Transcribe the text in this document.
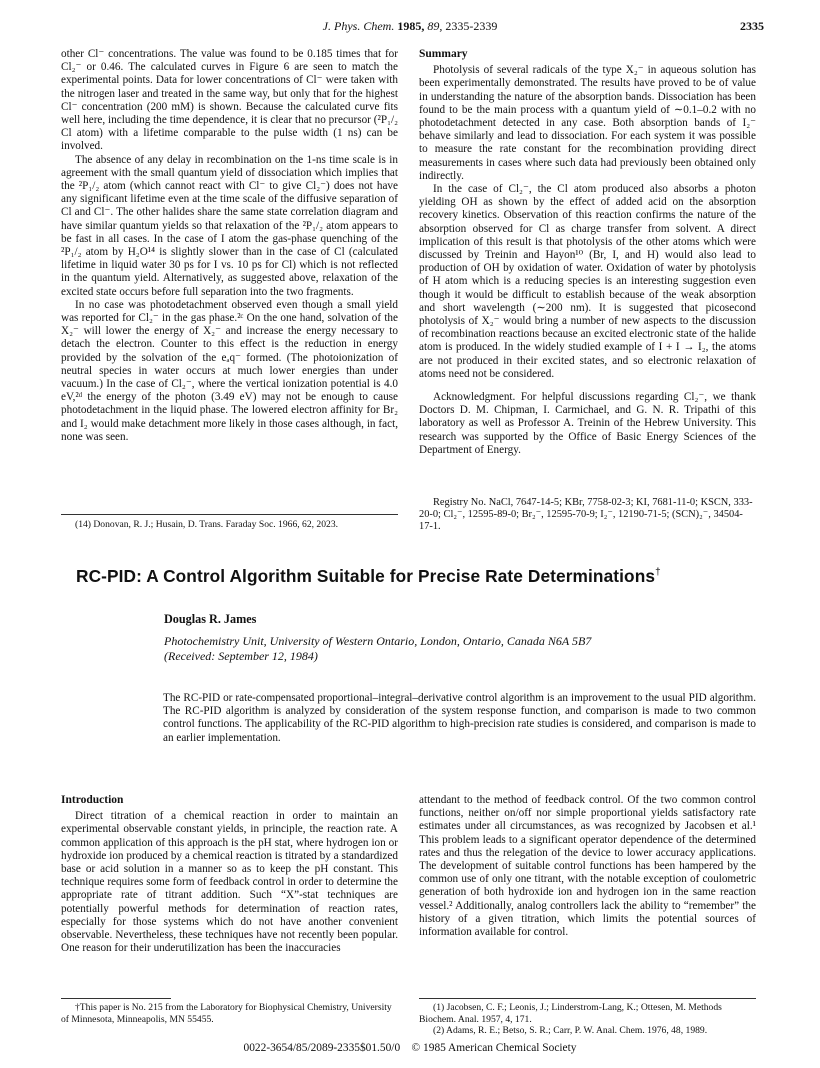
J. Phys. Chem. 1985, 89, 2335-2339	2335

other Cl⁻ concentrations. The value was found to be 0.185 times that for Cl₂⁻ or 0.46. The calculated curves in Figure 6 are seen to match the experimental points. Data for lower concentrations of Cl⁻ were taken with the nitrogen laser and treated in the same way, but only that for the highest Cl⁻ concentration (200 mM) is shown. Because the calculated curve fits well here, including the time dependence, it is clear that no precursor (²P₁/₂ Cl atom) with a lifetime comparable to the pulse width (1 ns) can be involved.

The absence of any delay in recombination on the 1-ns time scale is in agreement with the small quantum yield of dissociation which implies that the ²P₁/₂ atom (which cannot react with Cl⁻ to give Cl₂⁻) does not have any significant lifetime even at the time scale of the diffusive separation of Cl and Cl⁻. The other halides share the same state correlation diagram and have similar quantum yields so that relaxation of the ²P₁/₂ atom appears to be fast in all cases. In the case of I atom the gas-phase quenching of the ²P₁/₂ atom by H₂O¹⁴ is slightly slower than in the case of Cl (calculated lifetime in liquid water 30 ps for I vs. 10 ps for Cl) which is not reflected in the quantum yield. Alternatively, as suggested above, relaxation of the excited state occurs before full separation into the two fragments.

In no case was photodetachment observed even though a small yield was reported for Cl₂⁻ in the gas phase.²ᶜ On the one hand, solvation of the X₂⁻ will lower the energy of X₂⁻ and increase the energy necessary to detach the electron. Counter to this effect is the reduction in energy provided by the solvation of the eₐq⁻ formed. (The photoionization of neutral species in water occurs at much lower energies than under vacuum.) In the case of Cl₂⁻, where the vertical ionization potential is 4.0 eV,²ᵈ the energy of the photon (3.49 eV) may not be enough to cause photodetachment in the liquid phase. The lowered electron affinity for Br₂ and I₂ would make detachment more likely in those cases although, in fact, none was seen.

(14) Donovan, R. J.; Husain, D. Trans. Faraday Soc. 1966, 62, 2023.
Summary

Photolysis of several radicals of the type X₂⁻ in aqueous solution has been experimentally demonstrated. The results have proved to be of value in understanding the nature of the absorption bands. Dissociation has been found to be the main process with a quantum yield of ∼0.1–0.2 with no photodetachment detected in any case. Both absorption bands of I₂⁻ behave similarly and lead to dissociation. For each system it was possible to measure the rate constant for the recombination providing direct measurements in cases where such data had previously been obtained only indirectly.

In the case of Cl₂⁻, the Cl atom produced also absorbs a photon yielding OH as shown by the effect of added acid on the absorption recovery kinetics. Observation of this reaction confirms the nature of the absorption observed for Cl as charge transfer from solvent. A direct implication of this result is that photolysis of the other atoms which were discussed by Treinin and Hayon¹⁰ (Br, I, and H) would also lead to production of OH by oxidation of water. Oxidation of water by photolysis of H atom which is a reducing species is an interesting suggestion even though it would be difficult to establish because of the weak absorption and short wavelength (∼200 nm). It is suggested that picosecond photolysis of X₂⁻ would bring a number of new aspects to the discussion of recombination reactions because an excited electronic state of the halide atom is produced. In the widely studied example of I + I → I₂, the atoms are not produced in their excited states, and so electronic relaxation of atoms need not be considered.

Acknowledgment. For helpful discussions regarding Cl₂⁻, we thank Doctors D. M. Chipman, I. Carmichael, and G. N. R. Tripathi of this laboratory as well as Professor A. Treinin of the Hebrew University. This research was supported by the Office of Basic Energy Sciences of the Department of Energy.

Registry No. NaCl, 7647-14-5; KBr, 7758-02-3; KI, 7681-11-0; KSCN, 333-20-0; Cl₂⁻, 12595-89-0; Br₂⁻, 12595-70-9; I₂⁻, 12190-71-5; (SCN)₂⁻, 34504-17-1.
RC-PID: A Control Algorithm Suitable for Precise Rate Determinations†
Douglas R. James
Photochemistry Unit, University of Western Ontario, London, Ontario, Canada N6A 5B7
(Received: September 12, 1984)
The RC-PID or rate-compensated proportional–integral–derivative control algorithm is an improvement to the usual PID algorithm. The RC-PID algorithm is analyzed by consideration of the system response function, and comparison is made to two common control functions. The applicability of the RC-PID algorithm to high-precision rate studies is considered, and comparison is made to an earlier implementation.
Introduction

Direct titration of a chemical reaction in order to maintain an experimental observable constant yields, in principle, the reaction rate. A common application of this approach is the pH stat, where hydrogen ion or hydroxide ion produced by a chemical reaction is titrated by a standardized base or acid solution in a manner so as to keep the pH constant. This technique requires some form of feedback control in order to determine the appropriate rate of titrant addition. Such “X”-stat techniques are potentially powerful methods for determination of reaction rates, especially for those systems which do not have another convenient observable. Nevertheless, these techniques have not recently been popular. One reason for their underutilization has been the inaccuracies

†This paper is No. 215 from the Laboratory for Biophysical Chemistry, University of Minnesota, Minneapolis, MN 55455.

attendant to the method of feedback control. Of the two common control functions, neither on/off nor simple proportional yields satisfactory rate estimates under all circumstances, as was recognized by Jacobsen et al.¹ This problem leads to a significant operator dependence of the determined rates and thus the relegation of the device to lower accuracy applications. The development of suitable control functions has been hampered by the common use of only one titrant, with the notable exception of coulometric generation of both hydroxide ion and hydrogen ion in the same reaction vessel.² Additionally, analog controllers lack the ability to “remember” the history of a given titration, which limits the potential sources of information available for control.

(1) Jacobsen, C. F.; Leonis, J.; Linderstrom-Lang, K.; Ottesen, M. Methods Biochem. Anal. 1957, 4, 171.
(2) Adams, R. E.; Betso, S. R.; Carr, P. W. Anal. Chem. 1976, 48, 1989.
0022-3654/85/2089-2335$01.50/0 © 1985 American Chemical Society
